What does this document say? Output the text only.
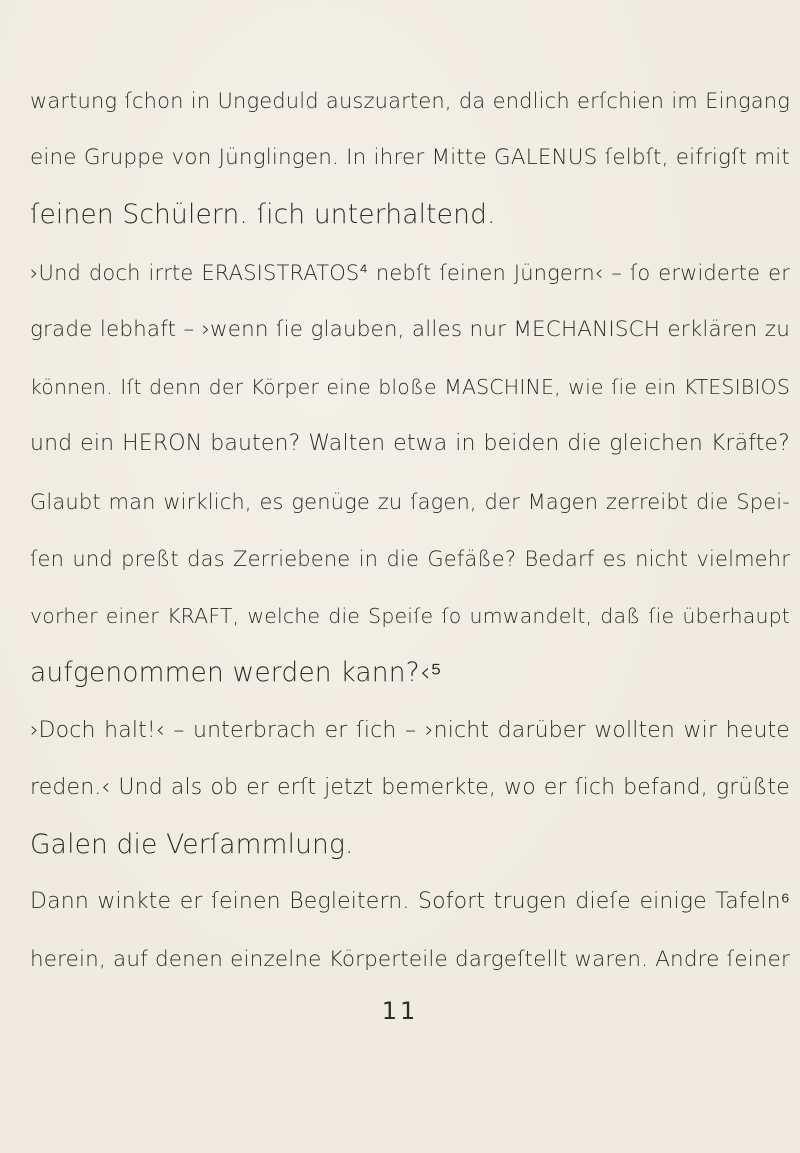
wartung ſchon in Ungeduld auszuarten, da endlich erſchien im Eingang
eine Gruppe von Jünglingen. In ihrer Mitte GALENUS ſelbſt, eifrigſt mit
ſeinen Schülern. ſich unterhaltend.
›Und doch irrte ERASISTRATOS⁴ nebſt ſeinen Jüngern‹ – ſo erwiderte er
grade lebhaft – ›wenn ſie glauben, alles nur MECHANISCH erklären zu
können. Iſt denn der Körper eine bloße MASCHINE, wie ſie ein KTESIBIOS
und ein HERON bauten? Walten etwa in beiden die gleichen Kräfte?
Glaubt man wirklich, es genüge zu ſagen, der Magen zerreibt die Spei-
ſen und preßt das Zerriebene in die Gefäße? Bedarf es nicht vielmehr
vorher einer KRAFT, welche die Speiſe ſo umwandelt, daß ſie überhaupt
aufgenommen werden kann?‹⁵
›Doch halt!‹ – unterbrach er ſich – ›nicht darüber wollten wir heute
reden.‹ Und als ob er erſt jetzt bemerkte, wo er ſich befand, grüßte
Galen die Verſammlung.
Dann winkte er ſeinen Begleitern. Sofort trugen dieſe einige Tafeln⁶
herein, auf denen einzelne Körperteile dargeſtellt waren. Andre ſeiner
11
